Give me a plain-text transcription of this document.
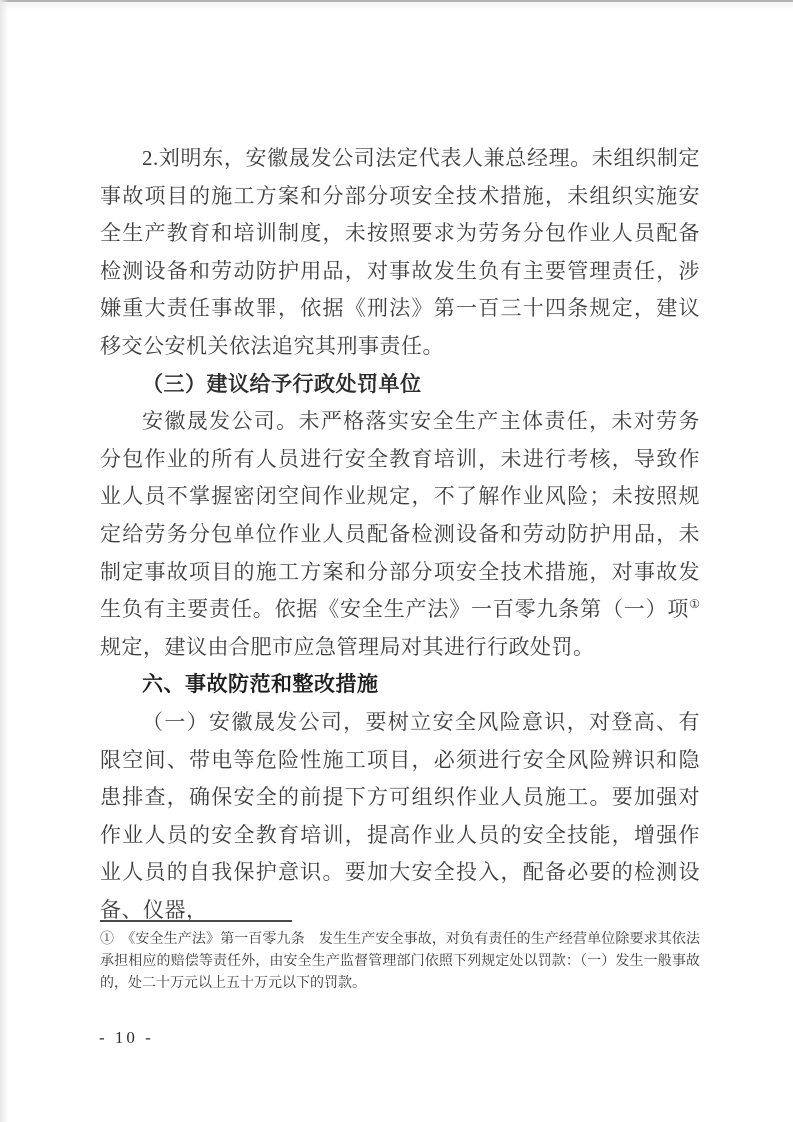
2.刘明东，安徽晟发公司法定代表人兼总经理。未组织制定事故项目的施工方案和分部分项安全技术措施，未组织实施安全生产教育和培训制度，未按照要求为劳务分包作业人员配备检测设备和劳动防护用品，对事故发生负有主要管理责任，涉嫌重大责任事故罪，依据《刑法》第一百三十四条规定，建议移交公安机关依法追究其刑事责任。

（三）建议给予行政处罚单位

安徽晟发公司。未严格落实安全生产主体责任，未对劳务分包作业的所有人员进行安全教育培训，未进行考核，导致作业人员不掌握密闭空间作业规定，不了解作业风险；未按照规定给劳务分包单位作业人员配备检测设备和劳动防护用品，未制定事故项目的施工方案和分部分项安全技术措施，对事故发生负有主要责任。依据《安全生产法》一百零九条第（一）项①规定，建议由合肥市应急管理局对其进行行政处罚。

六、事故防范和整改措施

（一）安徽晟发公司，要树立安全风险意识，对登高、有限空间、带电等危险性施工项目，必须进行安全风险辨识和隐患排查，确保安全的前提下方可组织作业人员施工。要加强对作业人员的安全教育培训，提高作业人员的安全技能，增强作业人员的自我保护意识。要加大安全投入，配备必要的检测设备、仪器，

①　《安全生产法》第一百零九条　发生生产安全事故，对负有责任的生产经营单位除要求其依法承担相应的赔偿等责任外，由安全生产监督管理部门依照下列规定处以罚款：（一）发生一般事故的，处二十万元以上五十万元以下的罚款。

- 10 -
